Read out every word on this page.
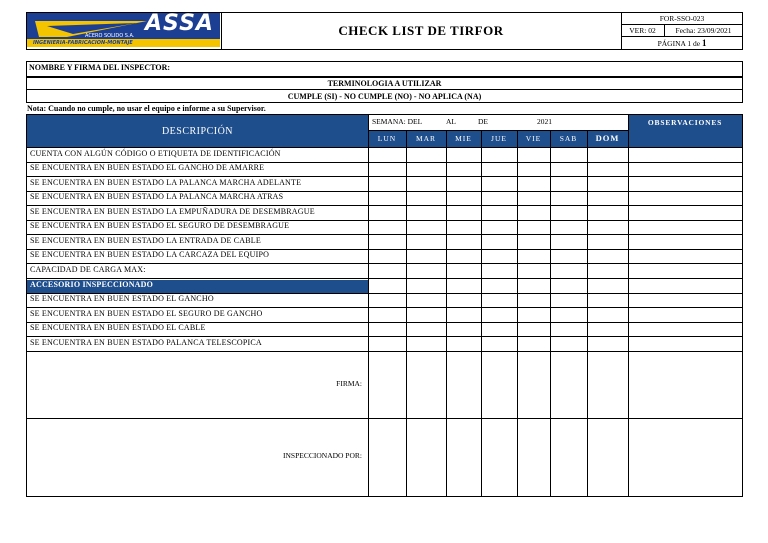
ASSA
ACERO SOLIDO S.A.
INGENIERIA-FABRICACION-MONTAJE
CHECK LIST DE TIRFOR
FOR-SSO-023
VER: 02	Fecha: 23/09/2021
PÁGINA 1 de
1
NOMBRE Y FIRMA DEL INSPECTOR:
TERMINOLOGIA A UTILIZAR
CUMPLE (SI) - NO CUMPLE (NO) - NO APLICA (NA)
Nota: Cuando no cumple, no usar el equipo e informe a su Supervisor.
DESCRIPCIÓN
OBSERVACIONES
SEMANA: DEL	AL	DE	2021
LUN	MAR	MIE	JUE	VIE	SAB	DOM
CUENTA CON ALGÚN CÓDIGO O ETIQUETA DE IDENTIFICACIÓN
SE ENCUENTRA EN BUEN ESTADO EL GANCHO DE AMARRE
SE ENCUENTRA EN BUEN ESTADO LA PALANCA MARCHA ADELANTE
SE ENCUENTRA EN BUEN ESTADO LA PALANCA MARCHA ATRAS
SE ENCUENTRA EN BUEN ESTADO LA EMPUÑADURA DE DESEMBRAGUE
SE ENCUENTRA EN BUEN ESTADO EL SEGURO DE DESEMBRAGUE
SE ENCUENTRA EN BUEN ESTADO LA ENTRADA DE CABLE
SE ENCUENTRA EN BUEN ESTADO LA CARCAZA DEL EQUIPO
CAPACIDAD DE CARGA MAX:
ACCESORIO INSPECCIONADO
SE ENCUENTRA EN BUEN ESTADO EL GANCHO
SE ENCUENTRA EN BUEN ESTADO EL SEGURO DE GANCHO
SE ENCUENTRA EN BUEN ESTADO EL CABLE
SE ENCUENTRA EN BUEN ESTADO PALANCA TELESCOPICA
FIRMA:
INSPECCIONADO POR:
